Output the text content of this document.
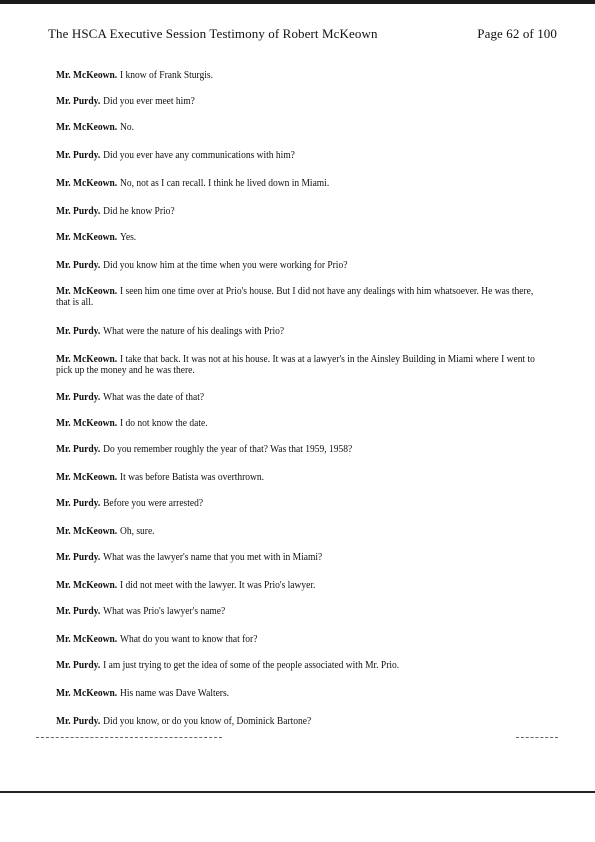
The HSCA Executive Session Testimony of Robert McKeown	Page 62 of 100

Mr. McKeown. I know of Frank Sturgis.

Mr. Purdy. Did you ever meet him?

Mr. McKeown. No.

Mr. Purdy. Did you ever have any communications with him?

Mr. McKeown. No, not as I can recall. I think he lived down in Miami.

Mr. Purdy. Did he know Prio?

Mr. McKeown. Yes.

Mr. Purdy. Did you know him at the time when you were working for Prio?

Mr. McKeown. I seen him one time over at Prio's house. But I did not have any dealings with him whatsoever. He was there, that is all.

Mr. Purdy. What were the nature of his dealings with Prio?

Mr. McKeown. I take that back. It was not at his house. It was at a lawyer's in the Ainsley Building in Miami where I went to pick up the money and he was there.

Mr. Purdy. What was the date of that?

Mr. McKeown. I do not know the date.

Mr. Purdy. Do you remember roughly the year of that? Was that 1959, 1958?

Mr. McKeown. It was before Batista was overthrown.

Mr. Purdy. Before you were arrested?

Mr. McKeown. Oh, sure.

Mr. Purdy. What was the lawyer's name that you met with in Miami?

Mr. McKeown. I did not meet with the lawyer. It was Prio's lawyer.

Mr. Purdy. What was Prio's lawyer's name?

Mr. McKeown. What do you want to know that for?

Mr. Purdy. I am just trying to get the idea of some of the people associated with Mr. Prio.

Mr. McKeown. His name was Dave Walters.

Mr. Purdy. Did you know, or do you know of, Dominick Bartone?
